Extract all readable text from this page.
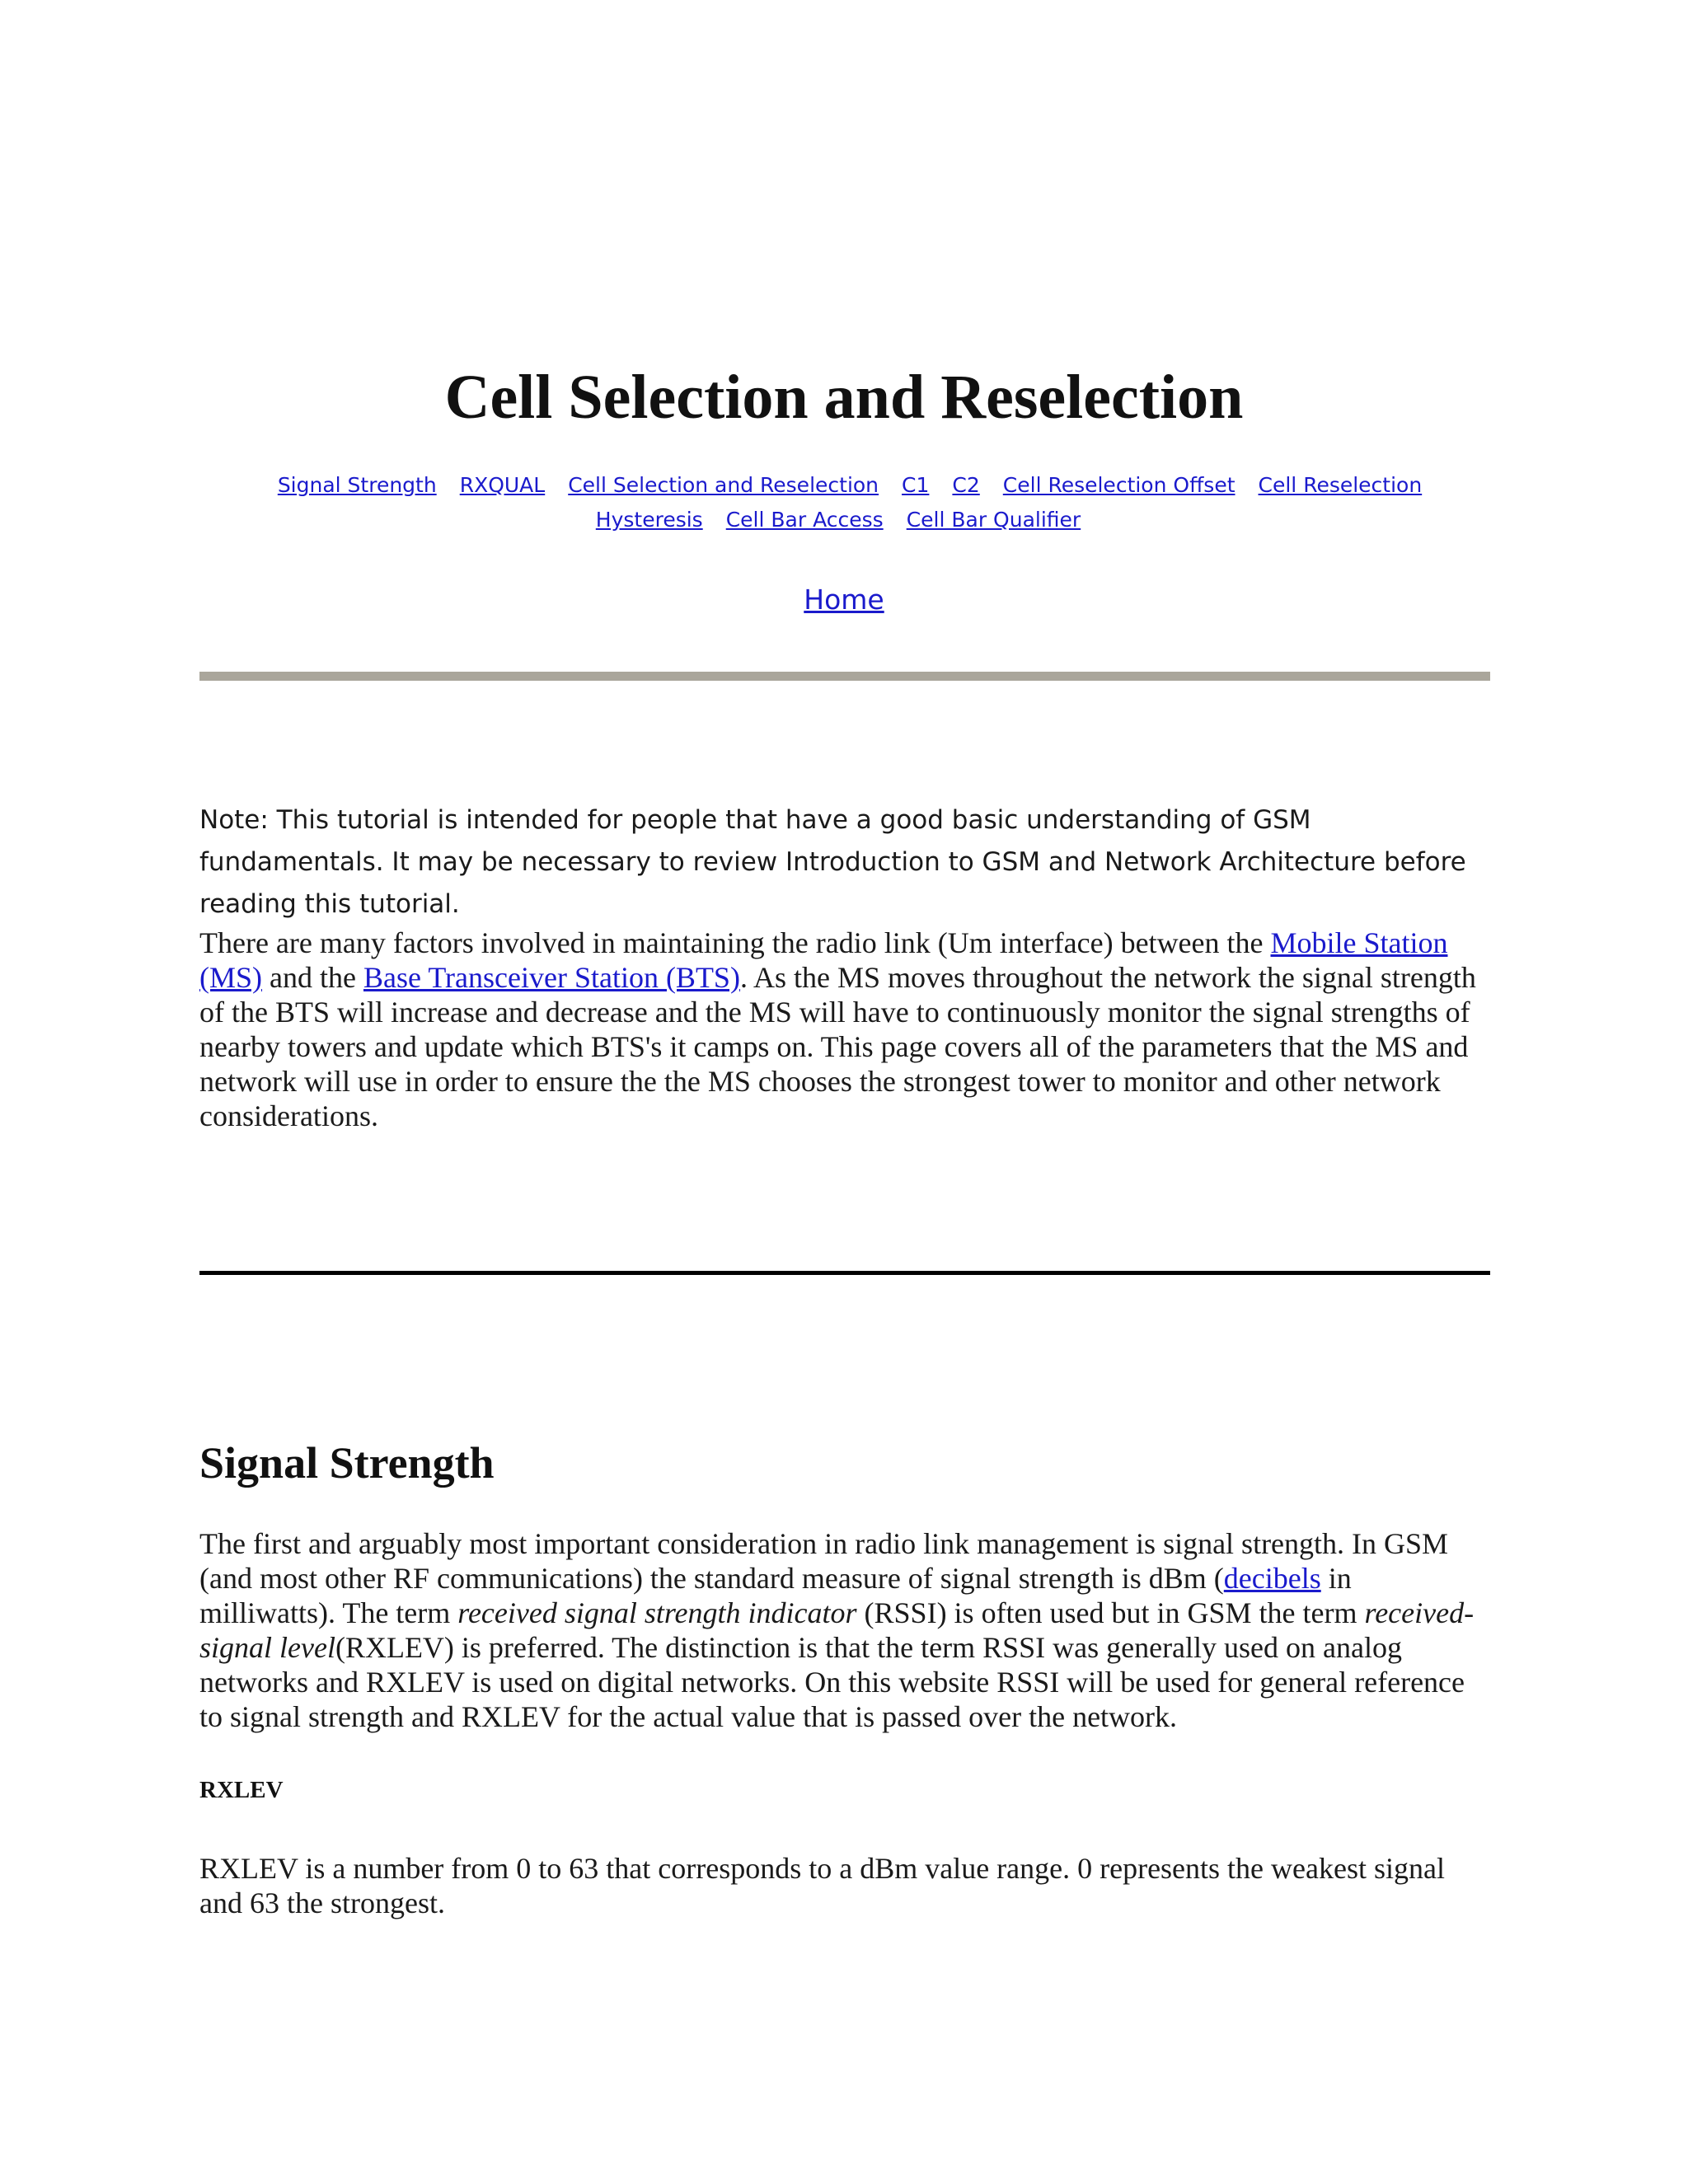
Cell Selection and Reselection
Signal Strength RXQUAL Cell Selection and Reselection C1 C2 Cell Reselection Offset Cell Reselection Hysteresis Cell Bar Access Cell Bar Qualifier
Home

Note: This tutorial is intended for people that have a good basic understanding of GSM fundamentals. It may be necessary to review Introduction to GSM and Network Architecture before reading this tutorial.

There are many factors involved in maintaining the radio link (Um interface) between the Mobile Station (MS) and the Base Transceiver Station (BTS). As the MS moves throughout the network the signal strength of the BTS will increase and decrease and the MS will have to continuously monitor the signal strengths of nearby towers and update which BTS's it camps on. This page covers all of the parameters that the MS and network will use in order to ensure the the MS chooses the strongest tower to monitor and other network considerations.

Signal Strength

The first and arguably most important consideration in radio link management is signal strength. In GSM (and most other RF communications) the standard measure of signal strength is dBm (decibels in milliwatts). The term received signal strength indicator (RSSI) is often used but in GSM the term received-signal level(RXLEV) is preferred. The distinction is that the term RSSI was generally used on analog networks and RXLEV is used on digital networks. On this website RSSI will be used for general reference to signal strength and RXLEV for the actual value that is passed over the network.

RXLEV

RXLEV is a number from 0 to 63 that corresponds to a dBm value range. 0 represents the weakest signal and 63 the strongest.
